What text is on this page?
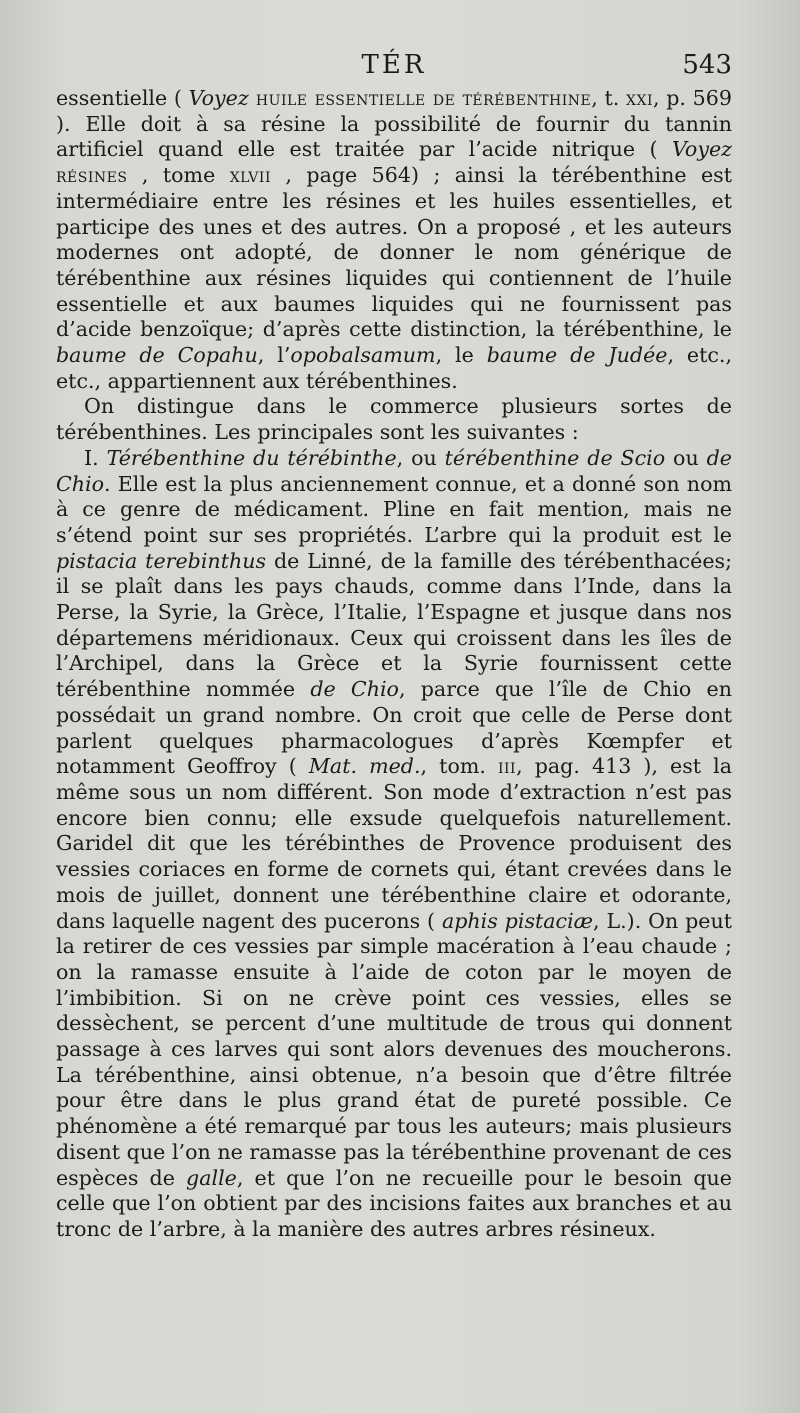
TÉR	543

essentielle ( Voyez huile essentielle de térébenthine, t. xxi, p. 569 ). Elle doit à sa résine la possibilité de fournir du tannin artificiel quand elle est traitée par l’acide nitrique ( Voyez résines , tome xlvii , page 564) ; ainsi la térébenthine est intermédiaire entre les résines et les huiles essentielles, et participe des unes et des autres. On a proposé , et les auteurs modernes ont adopté, de donner le nom générique de térébenthine aux résines liquides qui contiennent de l’huile essentielle et aux baumes liquides qui ne fournissent pas d’acide benzoïque; d’après cette distinction, la térébenthine, le baume de Copahu, l’opobalsamum, le baume de Judée, etc., etc., appartiennent aux térébenthines.

On distingue dans le commerce plusieurs sortes de térébenthines. Les principales sont les suivantes :

I. Térébenthine du térébinthe, ou térébenthine de Scio ou de Chio. Elle est la plus anciennement connue, et a donné son nom à ce genre de médicament. Pline en fait mention, mais ne s’étend point sur ses propriétés. L’arbre qui la produit est le pistacia terebinthus de Linné, de la famille des térébenthacées; il se plaît dans les pays chauds, comme dans l’Inde, dans la Perse, la Syrie, la Grèce, l’Italie, l’Espagne et jusque dans nos départemens méridionaux. Ceux qui croissent dans les îles de l’Archipel, dans la Grèce et la Syrie fournissent cette térébenthine nommée de Chio, parce que l’île de Chio en possédait un grand nombre. On croit que celle de Perse dont parlent quelques pharmacologues d’après Kœmpfer et notamment Geoffroy ( Mat. med., tom. iii, pag. 413 ), est la même sous un nom différent. Son mode d’extraction n’est pas encore bien connu; elle exsude quelquefois naturellement. Garidel dit que les térébinthes de Provence produisent des vessies coriaces en forme de cornets qui, étant crevées dans le mois de juillet, donnent une térébenthine claire et odorante, dans laquelle nagent des pucerons ( aphis pistaciæ, L.). On peut la retirer de ces vessies par simple macération à l’eau chaude ; on la ramasse ensuite à l’aide de coton par le moyen de l’imbibition. Si on ne crève point ces vessies, elles se dessèchent, se percent d’une multitude de trous qui donnent passage à ces larves qui sont alors devenues des moucherons. La térébenthine, ainsi obtenue, n’a besoin que d’être filtrée pour être dans le plus grand état de pureté possible. Ce phénomène a été remarqué par tous les auteurs; mais plusieurs disent que l’on ne ramasse pas la térébenthine provenant de ces espèces de galle, et que l’on ne recueille pour le besoin que celle que l’on obtient par des incisions faites aux branches et au tronc de l’arbre, à la manière des autres arbres résineux.
